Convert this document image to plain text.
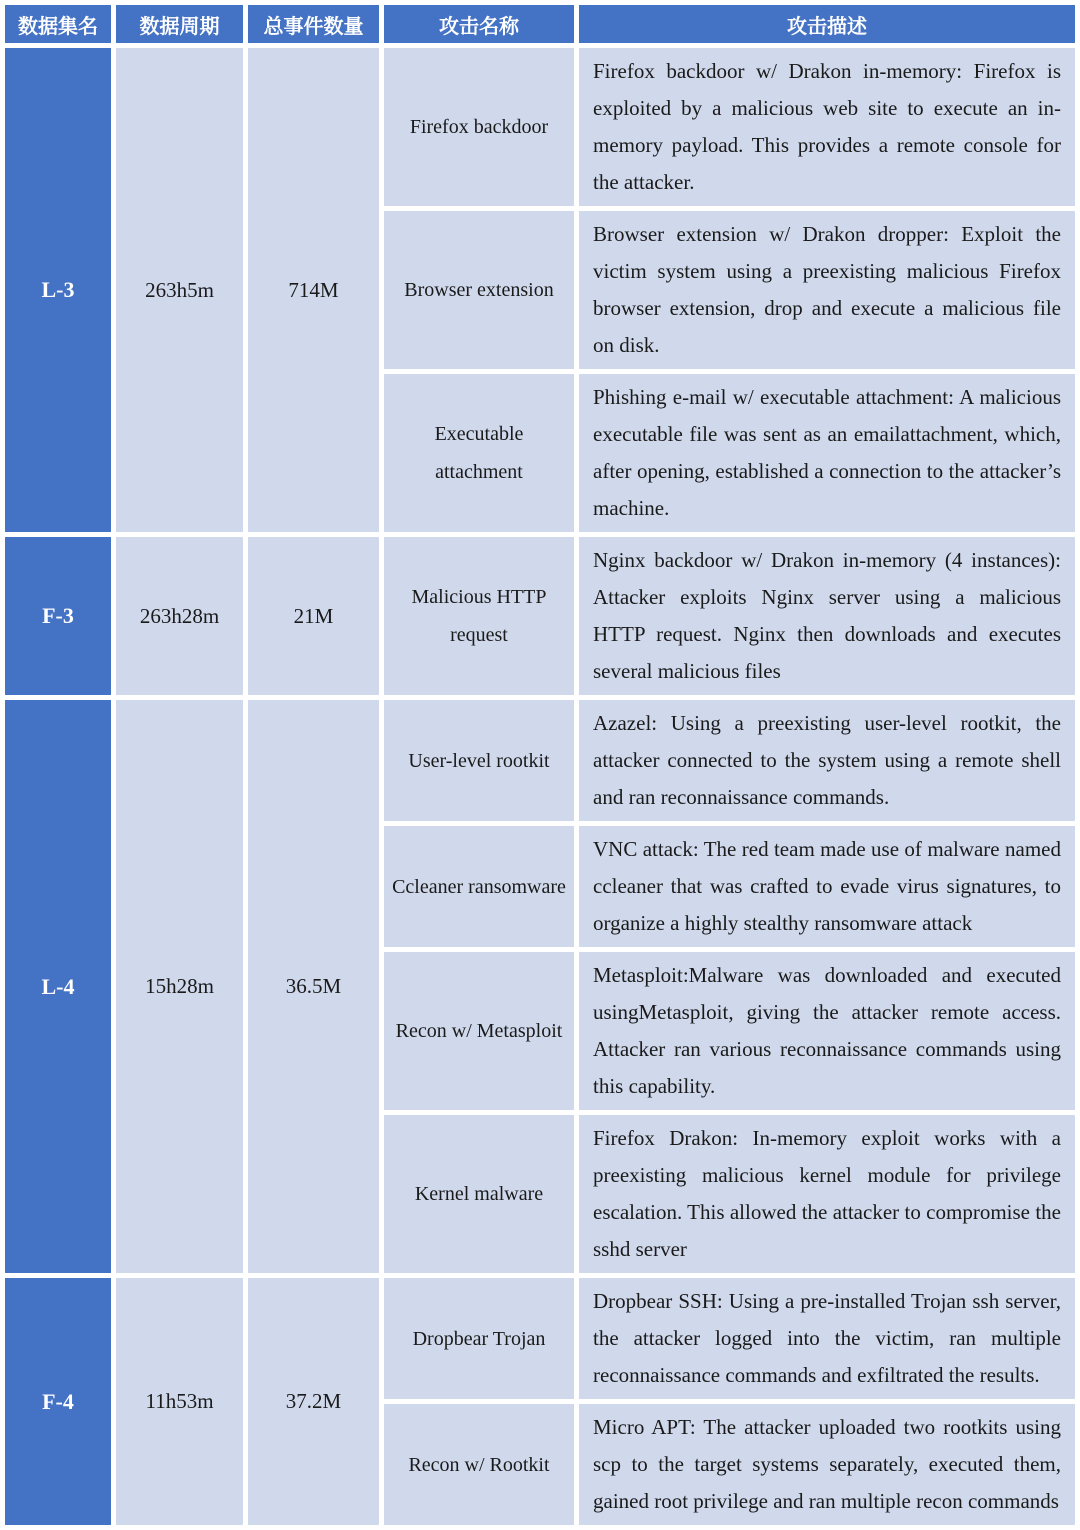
数据集名	数据周期	总事件数量	攻击名称	攻击描述
L-3	263h5m	714M	Firefox backdoor	Firefox backdoor w/ Drakon in-memory: Firefox is exploited by a malicious web site to execute an in-memory payload. This provides a remote console for the attacker.
			Browser extension	Browser extension w/ Drakon dropper: Exploit the victim system using a preexisting malicious Firefox browser extension, drop and execute a malicious file on disk.
			Executable attachment	Phishing e-mail w/ executable attachment: A malicious executable file was sent as an emailattachment, which, after opening, established a connection to the attacker’s machine.
F-3	263h28m	21M	Malicious HTTP request	Nginx backdoor w/ Drakon in-memory (4 instances): Attacker exploits Nginx server using a malicious HTTP request. Nginx then downloads and executes several malicious files
L-4	15h28m	36.5M	User-level rootkit	Azazel: Using a preexisting user-level rootkit, the attacker connected to the system using a remote shell and ran reconnaissance commands.
			Ccleaner ransomware	VNC attack: The red team made use of malware named ccleaner that was crafted to evade virus signatures, to organize a highly stealthy ransomware attack
			Recon w/ Metasploit	Metasploit:Malware was downloaded and executed usingMetasploit, giving the attacker remote access. Attacker ran various reconnaissance commands using this capability.
			Kernel malware	Firefox Drakon: In-memory exploit works with a preexisting malicious kernel module for privilege escalation. This allowed the attacker to compromise the sshd server
F-4	11h53m	37.2M	Dropbear Trojan	Dropbear SSH: Using a pre-installed Trojan ssh server, the attacker logged into the victim, ran multiple reconnaissance commands and exfiltrated the results.
			Recon w/ Rootkit	Micro APT: The attacker uploaded two rootkits using scp to the target systems separately, executed them, gained root privilege and ran multiple recon commands
